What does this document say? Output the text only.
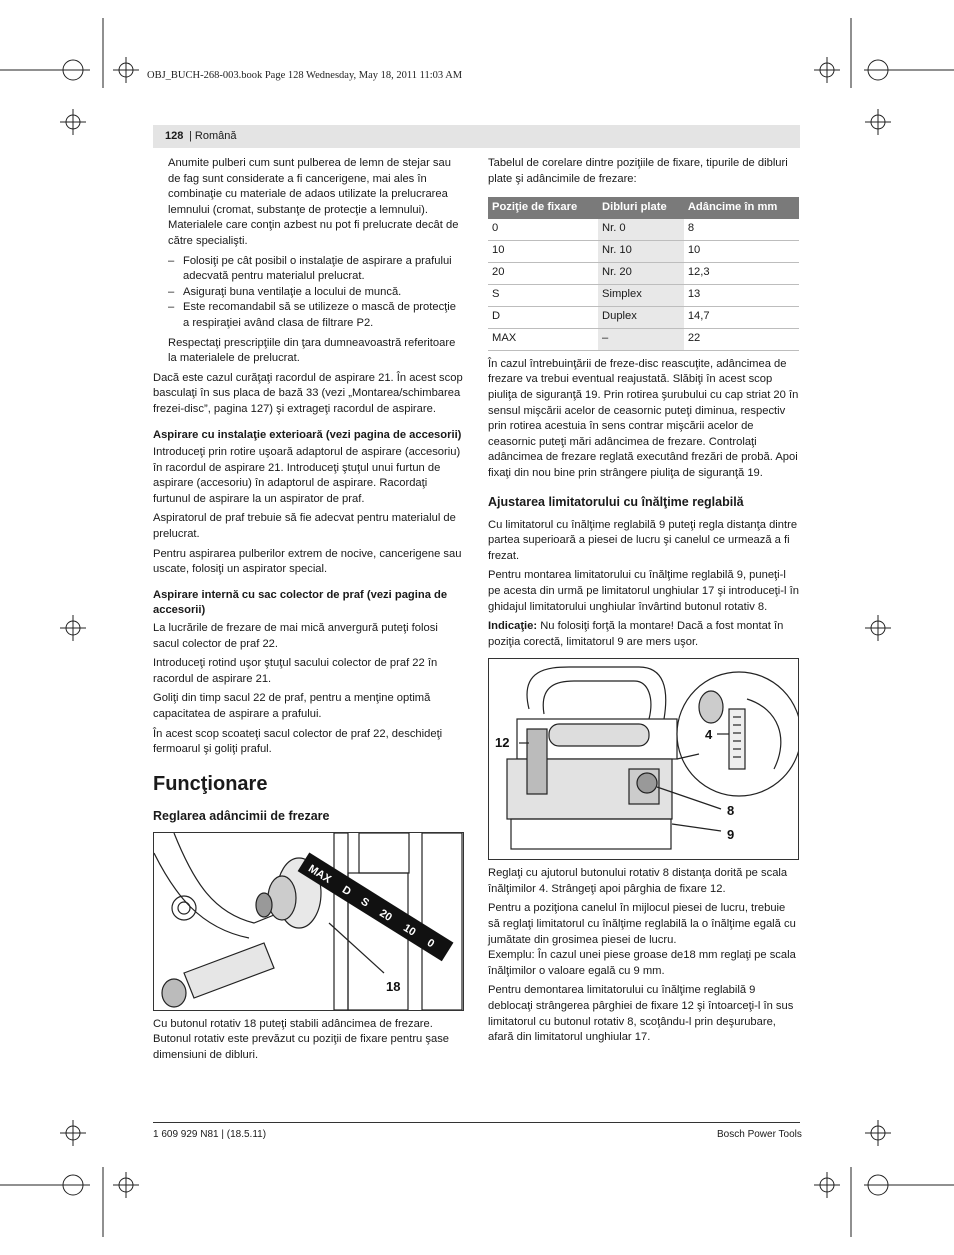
OBJ_BUCH-268-003.book Page 128 Wednesday, May 18, 2011 11:03 AM
128 | Română

Anumite pulberi cum sunt pulberea de lemn de stejar sau de fag sunt considerate a fi cancerigene, mai ales în combinaţie cu materiale de adaos utilizate la prelucrarea lemnului (cromat, substanţe de protecţie a lemnului). Materialele care conţin azbest nu pot fi prelucrate decât de către specialişti.

– Folosiţi pe cât posibil o instalaţie de aspirare a prafului adecvată pentru materialul prelucrat.
– Asiguraţi buna ventilaţie a locului de muncă.
– Este recomandabil să se utilizeze o mască de protecţie a respiraţiei având clasa de filtrare P2.

Respectaţi prescripţiile din ţara dumneavoastră referitoare la materialele de prelucrat.

Dacă este cazul curăţaţi racordul de aspirare 21. În acest scop basculaţi în sus placa de bază 33 (vezi „Montarea/schimbarea frezei-disc”, pagina 127) şi extrageţi racordul de aspirare.

Aspirare cu instalaţie exterioară (vezi pagina de accesorii)

Introduceţi prin rotire uşoară adaptorul de aspirare (accesoriu) în racordul de aspirare 21. Introduceţi ştuţul unui furtun de aspirare (accesoriu) în adaptorul de aspirare. Racordaţi furtunul de aspirare la un aspirator de praf.

Aspiratorul de praf trebuie să fie adecvat pentru materialul de prelucrat.

Pentru aspirarea pulberilor extrem de nocive, cancerigene sau uscate, folosiţi un aspirator special.

Aspirare internă cu sac colector de praf (vezi pagina de accesorii)

La lucrările de frezare de mai mică anvergură puteţi folosi sacul colector de praf 22.

Introduceţi rotind uşor ştuţul sacului colector de praf 22 în racordul de aspirare 21.

Goliţi din timp sacul 22 de praf, pentru a menţine optimă capacitatea de aspirare a prafului.

În acest scop scoateţi sacul colector de praf 22, deschideţi fermoarul şi goliţi praful.

Funcţionare
Reglarea adâncimii de frezare
MAX
D
S
20
10
0
18

Cu butonul rotativ 18 puteţi stabili adâncimea de frezare. Butonul rotativ este prevăzut cu poziţii de fixare pentru şase dimensiuni de dibluri.

Tabelul de corelare dintre poziţiile de fixare, tipurile de dibluri plate şi adâncimile de frezare:

Poziţie de fixare	Dibluri plate	Adâncime în mm
0	Nr. 0	8
10	Nr. 10	10
20	Nr. 20	12,3
S	Simplex	13
D	Duplex	14,7
MAX	–	22

În cazul întrebuinţării de freze-disc reascuţite, adâncimea de frezare va trebui eventual reajustată. Slăbiţi în acest scop piuliţa de siguranţă 19. Prin rotirea şurubului cu cap striat 20 în sensul mişcării acelor de ceasornic puteţi diminua, respectiv prin rotirea acestuia în sens contrar mişcării acelor de ceasornic puteţi mări adâncimea de frezare. Controlaţi adâncimea de frezare reglată executând frezări de probă. Apoi fixaţi din nou bine prin strângere piuliţa de siguranţă 19.

Ajustarea limitatorului cu înălţime reglabilă

Cu limitatorul cu înălţime reglabilă 9 puteţi regla distanţa dintre partea superioară a piesei de lucru şi canelul ce urmează a fi frezat.

Pentru montarea limitatorului cu înălţime reglabilă 9, puneţi-l pe acesta din urmă pe limitatorul unghiular 17 şi introduceţi-l în ghidajul limitatorului unghiular învârtind butonul rotativ 8.

Indicaţie: Nu folosiţi forţă la montare! Dacă a fost montat în poziţia corectă, limitatorul 9 are mers uşor.

12
4
8
9

Reglaţi cu ajutorul butonului rotativ 8 distanţa dorită pe scala înălţimilor 4. Strângeţi apoi pârghia de fixare 12.

Pentru a poziţiona canelul în mijlocul piesei de lucru, trebuie să reglaţi limitatorul cu înălţime reglabilă la o înălţime egală cu jumătate din grosimea piesei de lucru.

Exemplu: În cazul unei piese groase de18 mm reglaţi pe scala înălţimilor o valoare egală cu 9 mm.

Pentru demontarea limitatorului cu înălţime reglabilă 9 deblocaţi strângerea pârghiei de fixare 12 şi întoarceţi-l în sus limitatorul cu butonul rotativ 8, scoţându-l prin deşurubare, afară din limitatorul unghiular 17.

1 609 929 N81 | (18.5.11)	Bosch Power Tools
